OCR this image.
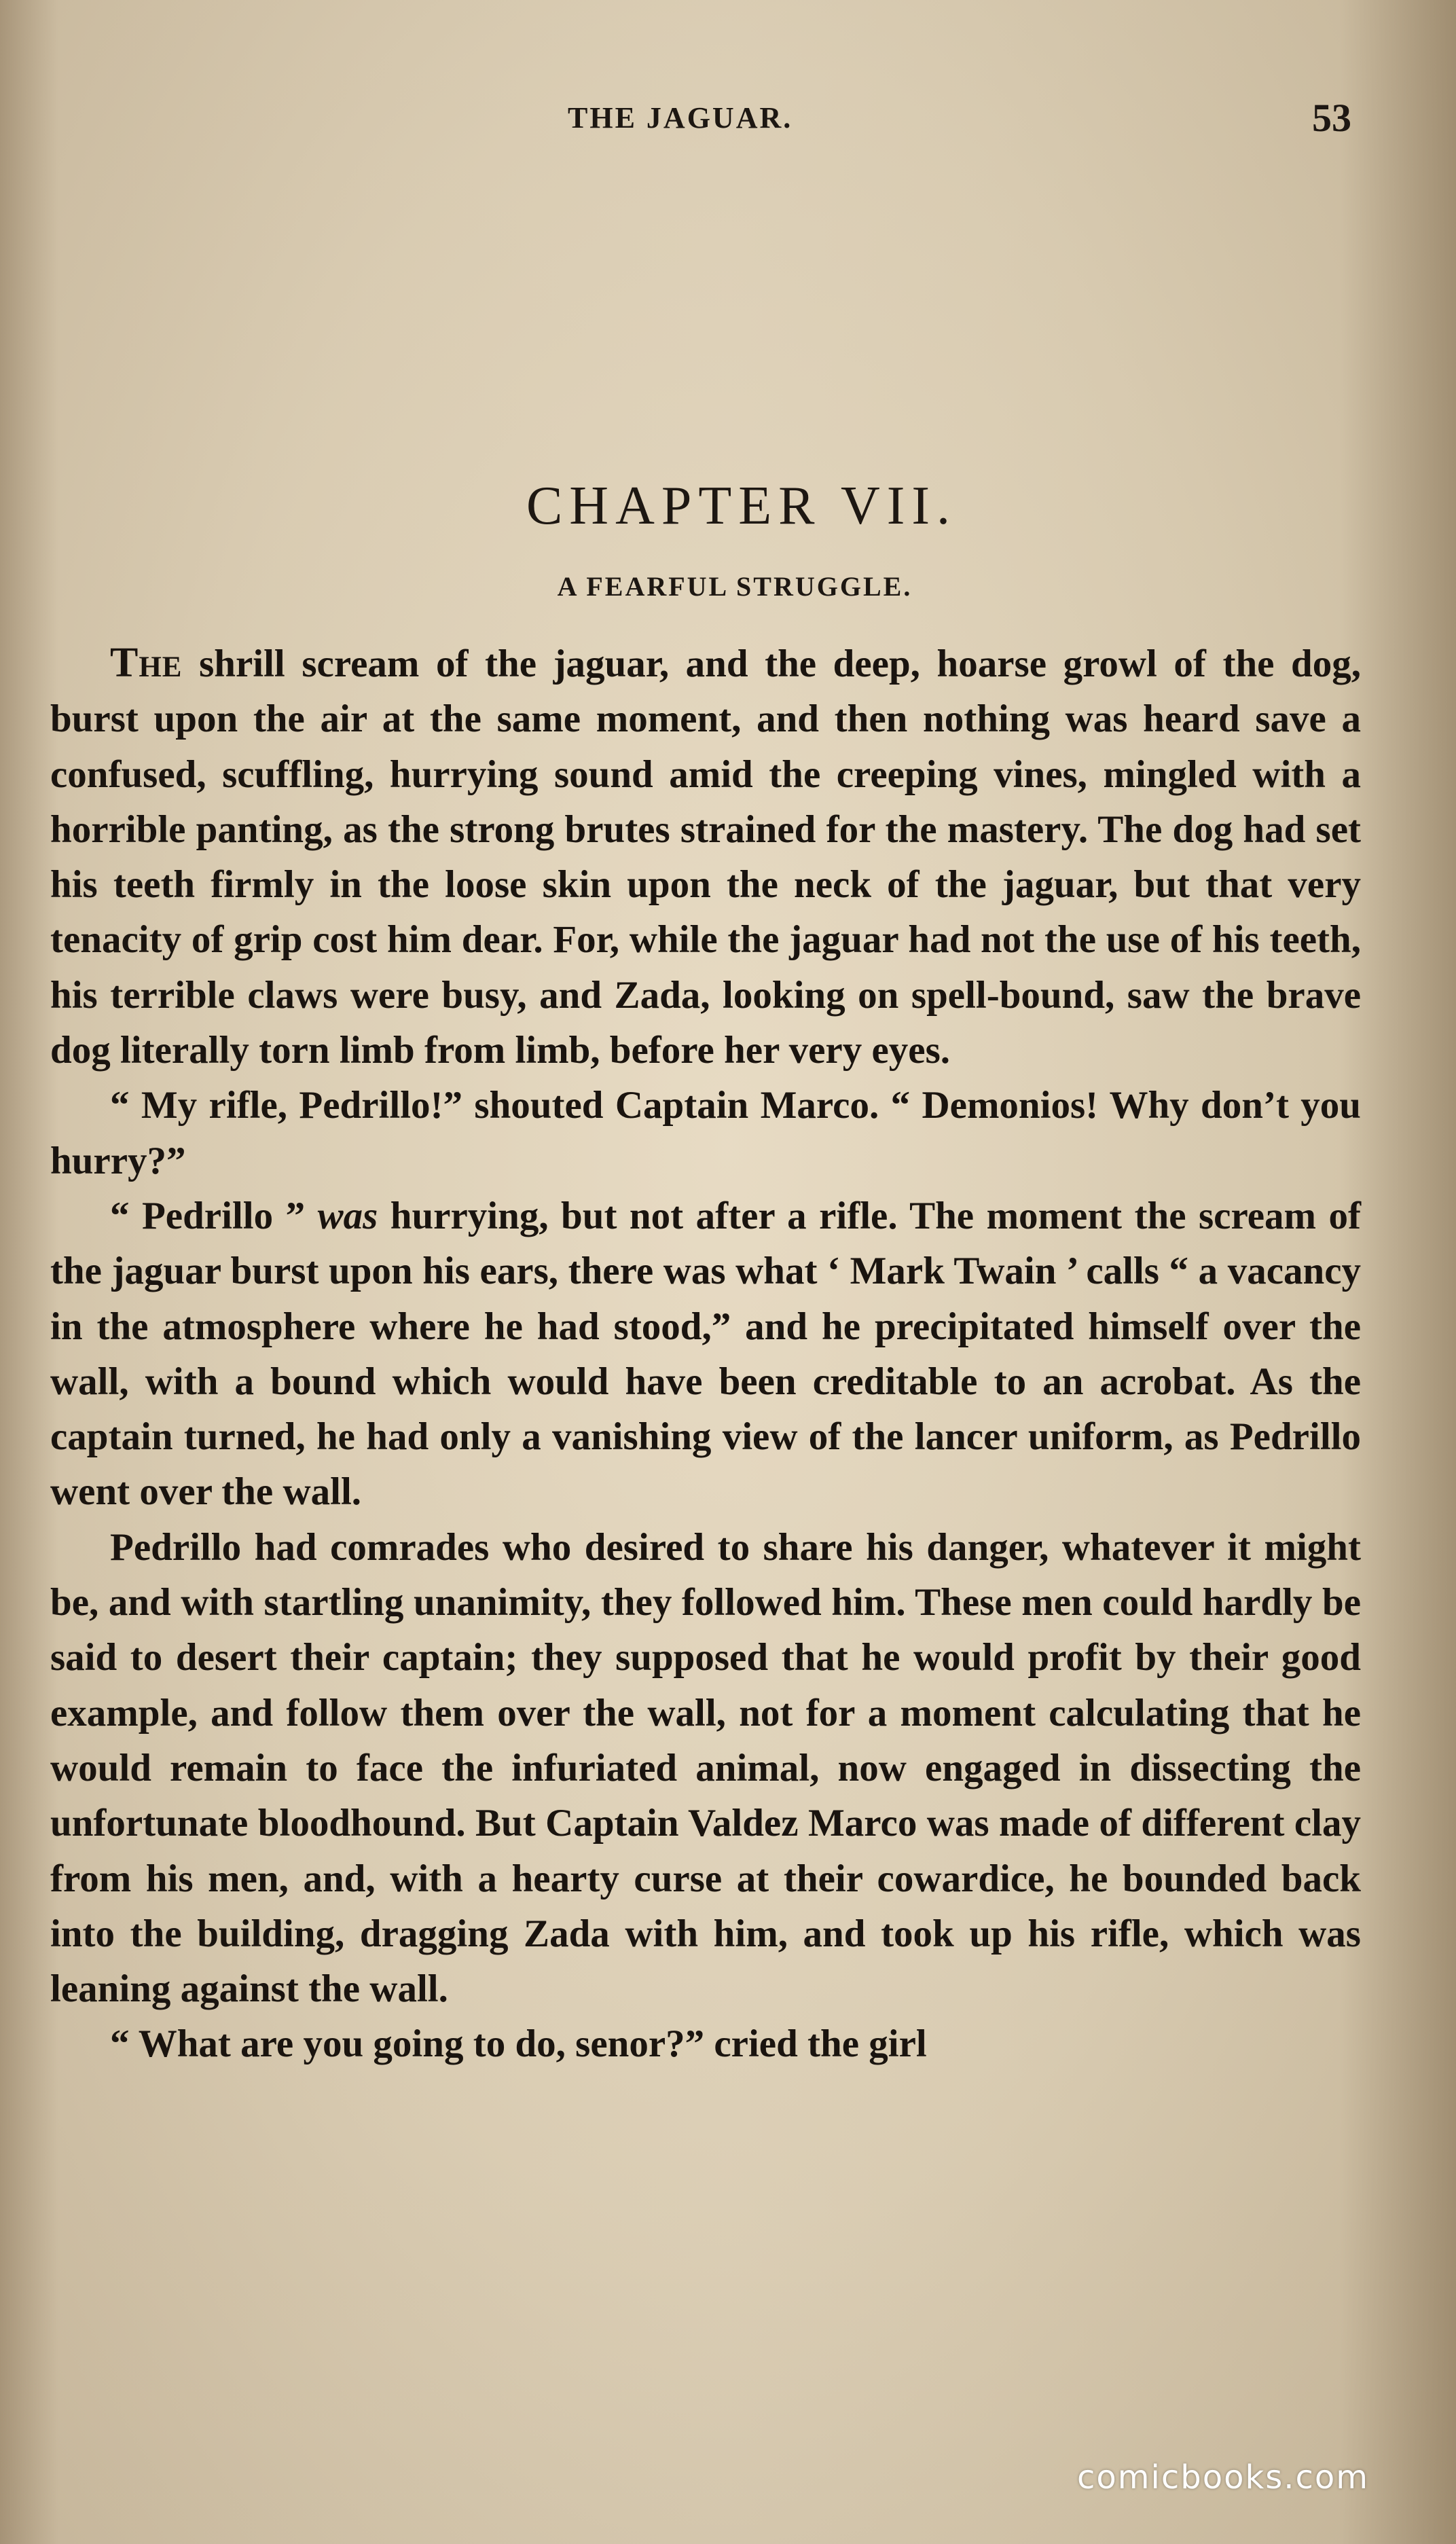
THE JAGUAR.	53
CHAPTER VII.
A FEARFUL STRUGGLE.

The shrill scream of the jaguar, and the deep, hoarse growl of the dog, burst upon the air at the same moment, and then nothing was heard save a confused, scuffling, hurrying sound amid the creeping vines, mingled with a horrible panting, as the strong brutes strained for the mastery. The dog had set his teeth firmly in the loose skin upon the neck of the jaguar, but that very tenacity of grip cost him dear. For, while the jaguar had not the use of his teeth, his terrible claws were busy, and Zada, looking on spell-bound, saw the brave dog literally torn limb from limb, before her very eyes.

“ My rifle, Pedrillo!” shouted Captain Marco. “ Demonios! Why don’t you hurry?”

“ Pedrillo ” was hurrying, but not after a rifle. The moment the scream of the jaguar burst upon his ears, there was what ‘ Mark Twain ’ calls “ a vacancy in the atmosphere where he had stood,” and he precipitated himself over the wall, with a bound which would have been creditable to an acrobat. As the captain turned, he had only a vanishing view of the lancer uniform, as Pedrillo went over the wall.

Pedrillo had comrades who desired to share his danger, whatever it might be, and with startling unanimity, they followed him. These men could hardly be said to desert their captain; they supposed that he would profit by their good example, and follow them over the wall, not for a moment calculating that he would remain to face the infuriated animal, now engaged in dissecting the unfortunate bloodhound. But Captain Valdez Marco was made of different clay from his men, and, with a hearty curse at their cowardice, he bounded back into the building, dragging Zada with him, and took up his rifle, which was leaning against the wall.

“ What are you going to do, senor?” cried the girl

comicbooks.com
